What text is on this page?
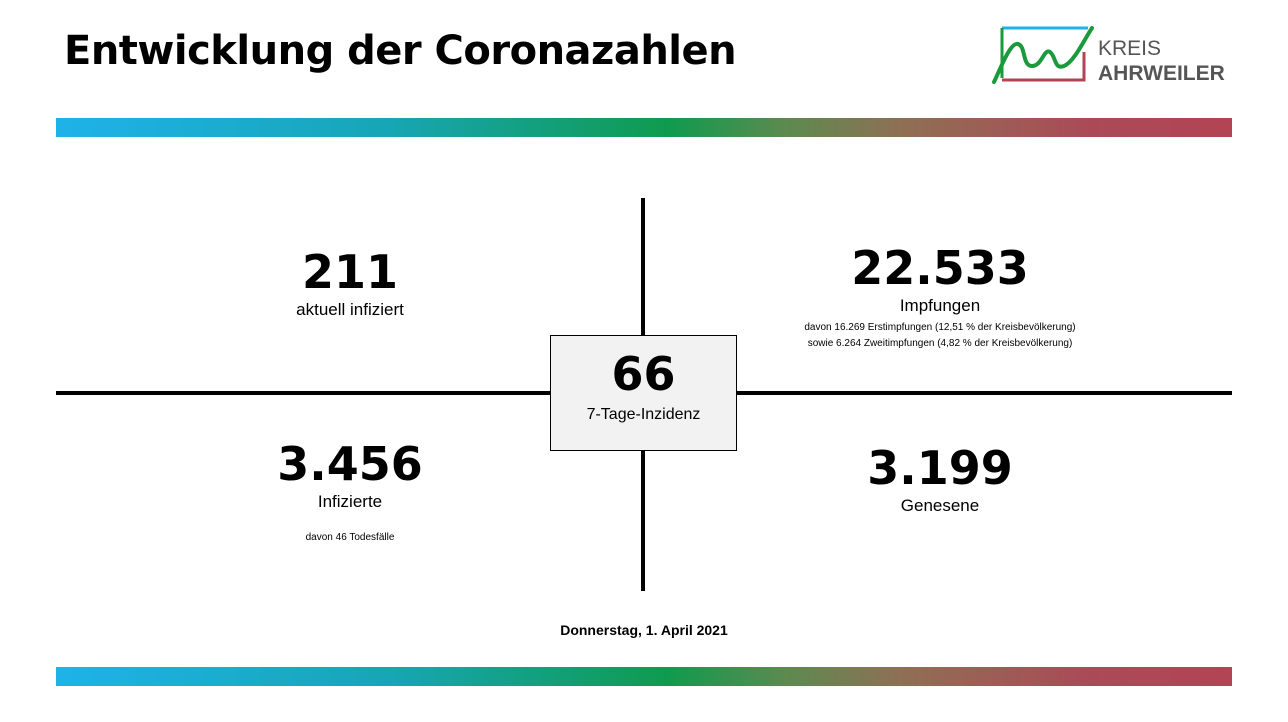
Entwicklung der Coronazahlen	KREIS
AHRWEILER
211
aktuell infiziert
22.533
Impfungen
davon 16.269 Erstimpfungen (12,51 % der Kreisbevölkerung)
sowie 6.264 Zweitimpfungen (4,82 % der Kreisbevölkerung)
66
7-Tage-Inzidenz
3.456
Infizierte
davon 46 Todesfälle
3.199
Genesene
Donnerstag, 1. April 2021
